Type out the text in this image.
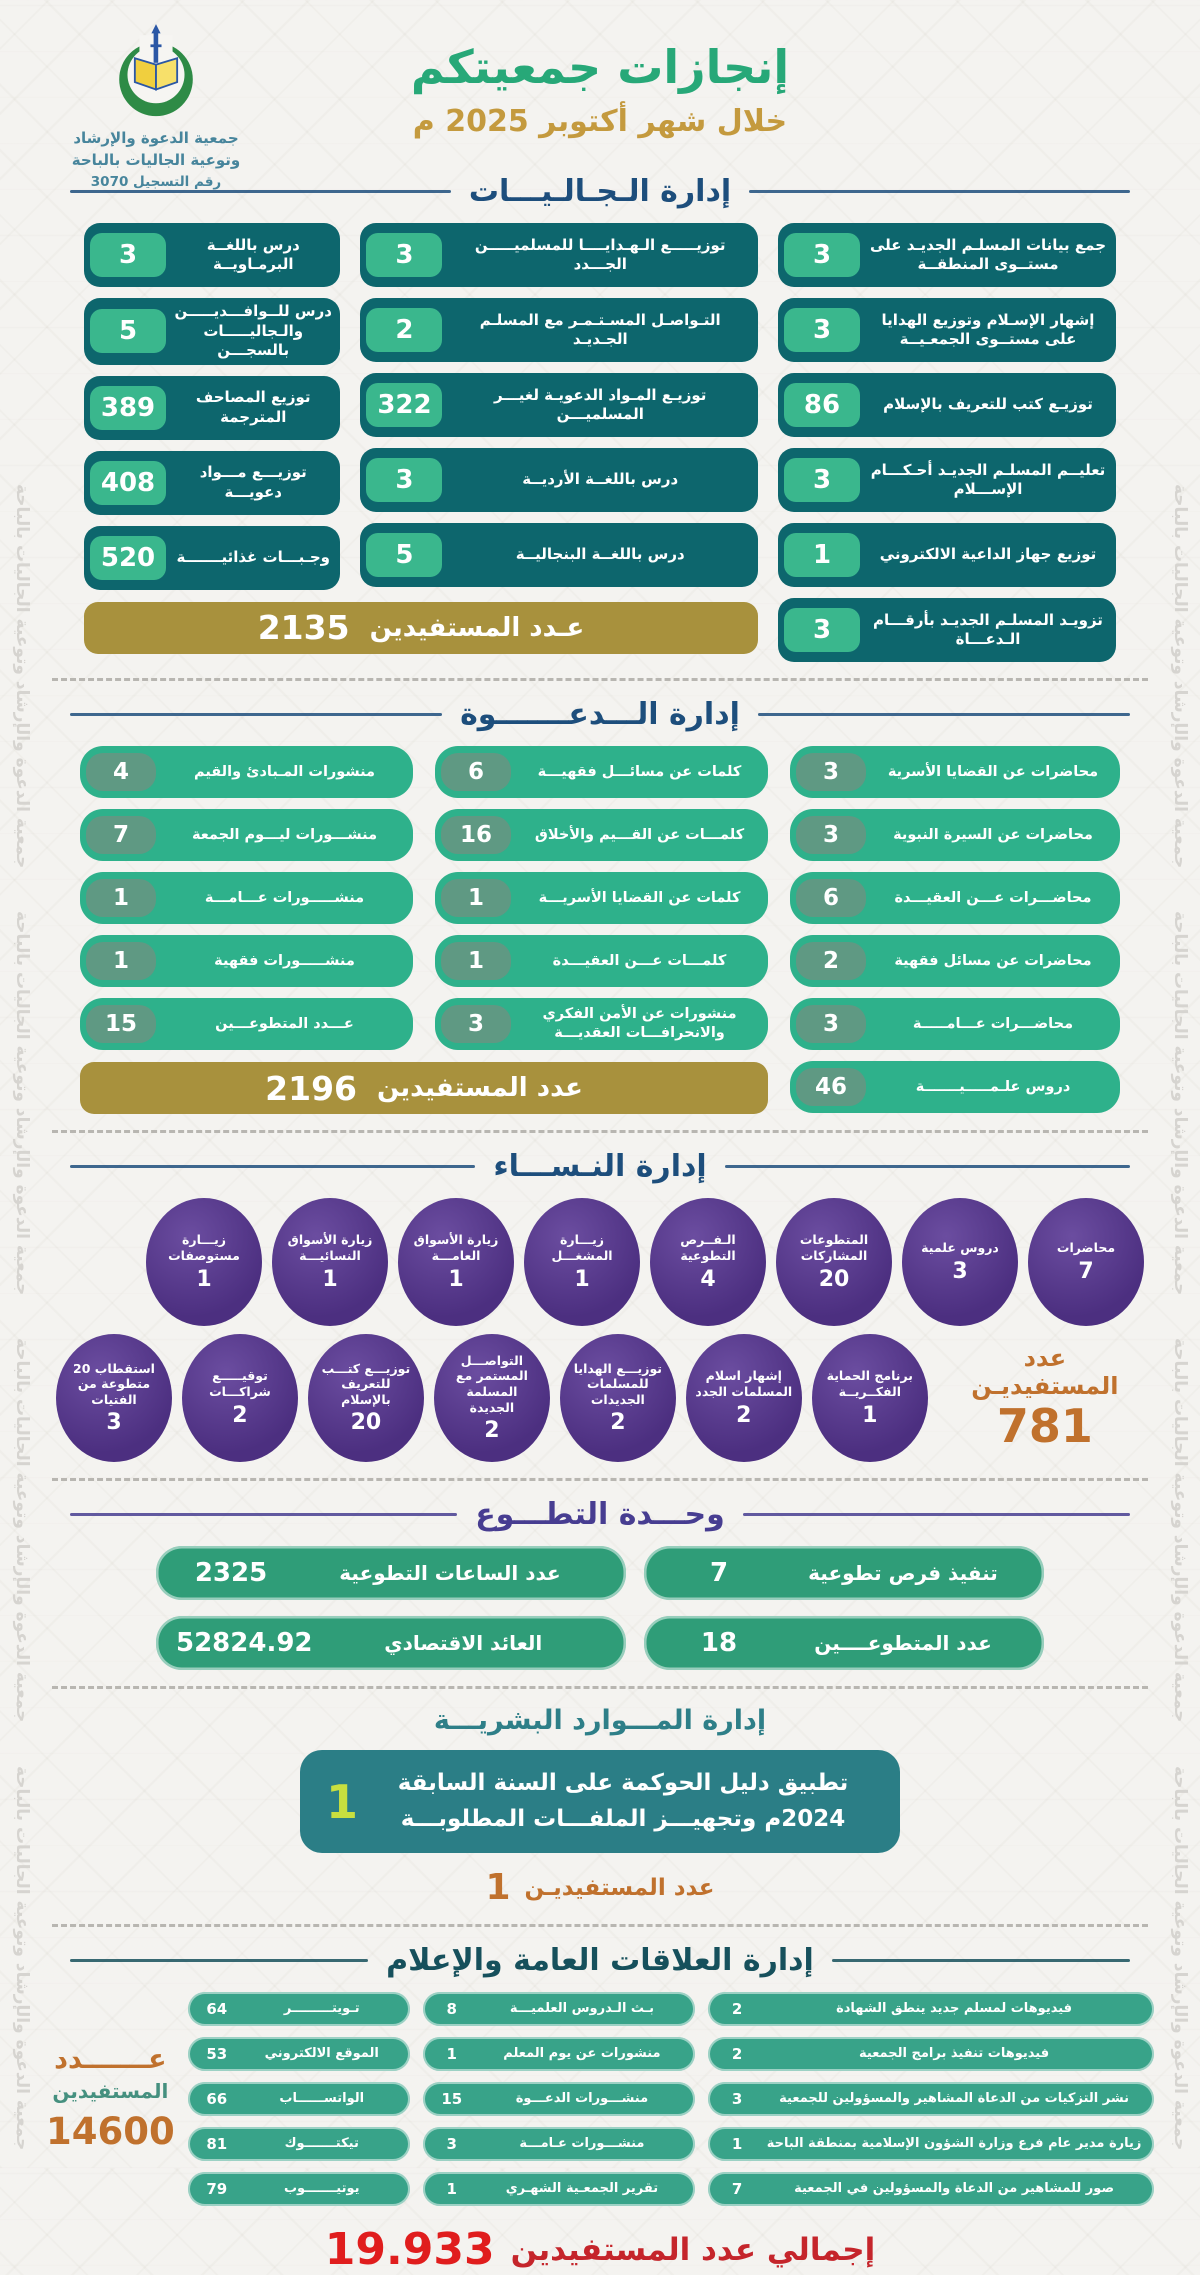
جمعية الدعوة والإرشاد وتوعية الجاليات بالباحة جمعية الدعوة والإرشاد وتوعية الجاليات بالباحة جمعية الدعوة والإرشاد وتوعية الجاليات بالباحة جمعية الدعوة والإرشاد وتوعية الجاليات بالباحة
جمعية الدعوة والإرشاد وتوعية الجاليات بالباحة جمعية الدعوة والإرشاد وتوعية الجاليات بالباحة جمعية الدعوة والإرشاد وتوعية الجاليات بالباحة جمعية الدعوة والإرشاد وتوعية الجاليات بالباحة
جمعية الدعوة والإرشاد
وتوعية الجاليات بالباحة
رقم التسجيل 3070
إنجازات جمعيتكم
خلال شهر أكتوبر 2025 م
إدارة الـجـالـيـــات
جمع بيانات المسلـم الجديـد على مستــوى المنطقــة
3
إشهار الإسـلام وتوزيع الهدايا على مستــوى الجمعـيــة
3
توزيـع كتب للتعريف بالإسلام
86
تعليــم المسلـم الجديـد أحـكـــام الإســـلام
3
توزيع جهاز الداعية الالكتروني
1
تزويـد المسلـم الجديـد بأرقـــام الـدعـــاة
3
توزيـــــع الـهـدايــــا للمسلميـــــن الجـــدد
3
التـواصـل المسـتـمـر مع المسلـم الجـديـد
2
توزيـع المـواد الدعويـة لغيـــر المسلميـــن
322
درس باللغــة الأرديــة
3
درس باللغــة البنجاليــة
5
درس باللغــة البرمـاويــة
3
درس للــوافـــديـــــن والـجاليـــــات بالسجـــن
5
توزيع المصاحف المترجمة
389
توزيـــع مـــواد دعويـــة
408
وجـبـــات غذائيـــــــة
520
عـدد المستفيدين
2135
إدارة الـــدعـــــــوة
محاضرات عن القضايا الأسرية
3
محاضرات عن السيرة النبوية
3
محاضـــرات عـــن العقيـــدة
6
محاضرات عن مسائل فقهية
2
محاضـــرات عـــامـــــة
3
دروس علـمـــــيـــــــة
46
كلمات عن مسائـــل فقهيـــة
6
كلمـــات عن القـــيم والأخلاق
16
كلمات عن القضايا الأسريـــة
1
كلمـــات عـــن العقيـــدة
1
منشورات عن الأمن الفكري والانحرافـــات العقديـــة
3
منشورات المـبادئ والقيم
4
منشـــورات ليـــوم الجمعة
7
منشـــــورات عـــامـــة
1
منشـــــورات فقهية
1
عـــدد المتطوعـــين
15
عدد المستفيدين
2196
إدارة النـســـاء
محاضرات
7
دروس علمية
3
المتطوعات المشاركات
20
الـفــرص التطوعية
4
زيـــارة المشغـــل
1
زيارة الأسواق العامـــة
1
زيارة الأسواق النسائيـــة
1
زيـــارة مستوصفات
1
عدد المستفيديـن
781
برنامج الحماية الفكــريــة
1
إشهار اسلام المسلمات الجدد
2
توزيـــع الهدايا للمسلمات الجديدات
2
التواصـــل المستمر مع المسلمة الجديدة
2
توزيـــع كتـــب للتعريف بالإسلام
20
توقيـــــع شراكـــات
2
استقطاب 20 متطوعة من الفتيات
3
وحـــدة التطـــوع
تنفيذ فرص تطوعية
7
عدد الساعات التطوعية
2325
عدد المتطوعــــين
18
العائد الاقتصادي
52824.92
إدارة المـــوارد البشريـــة
تطبيق دليل الحوكمة على السنة السابقة 2024م وتجهيـــز الملفـــات المطلوبـــة
1
عدد المستفيديـن
1
إدارة العلاقات العامة والإعلام
فيديوهات لمسلم جديد ينطق الشهادة
2
فيديوهات تنفيذ برامج الجمعية
2
نشر التزكيات من الدعاة المشاهير والمسؤولين للجمعية
3
زيارة مدير عام فرع وزارة الشؤون الإسلامية بمنطقة الباحة
1
صور للمشاهير من الدعاة والمسؤولين في الجمعية
7
بـث الـدروس العلميـــة
8
منشورات عن يوم المعلم
1
منشـــورات الدعـــوة
15
منشـــورات عـامـــة
3
تقرير الجمعـية الشهـري
1
تـويتـــــــــر
64
الموقع الالكتروني
53
الواتســــــاب
66
تيكتـــــــوك
81
يوتيـــــــوب
79
عـــــــدد
المستفيدين
14600
إجمالي عدد المستفيدين
19.933
